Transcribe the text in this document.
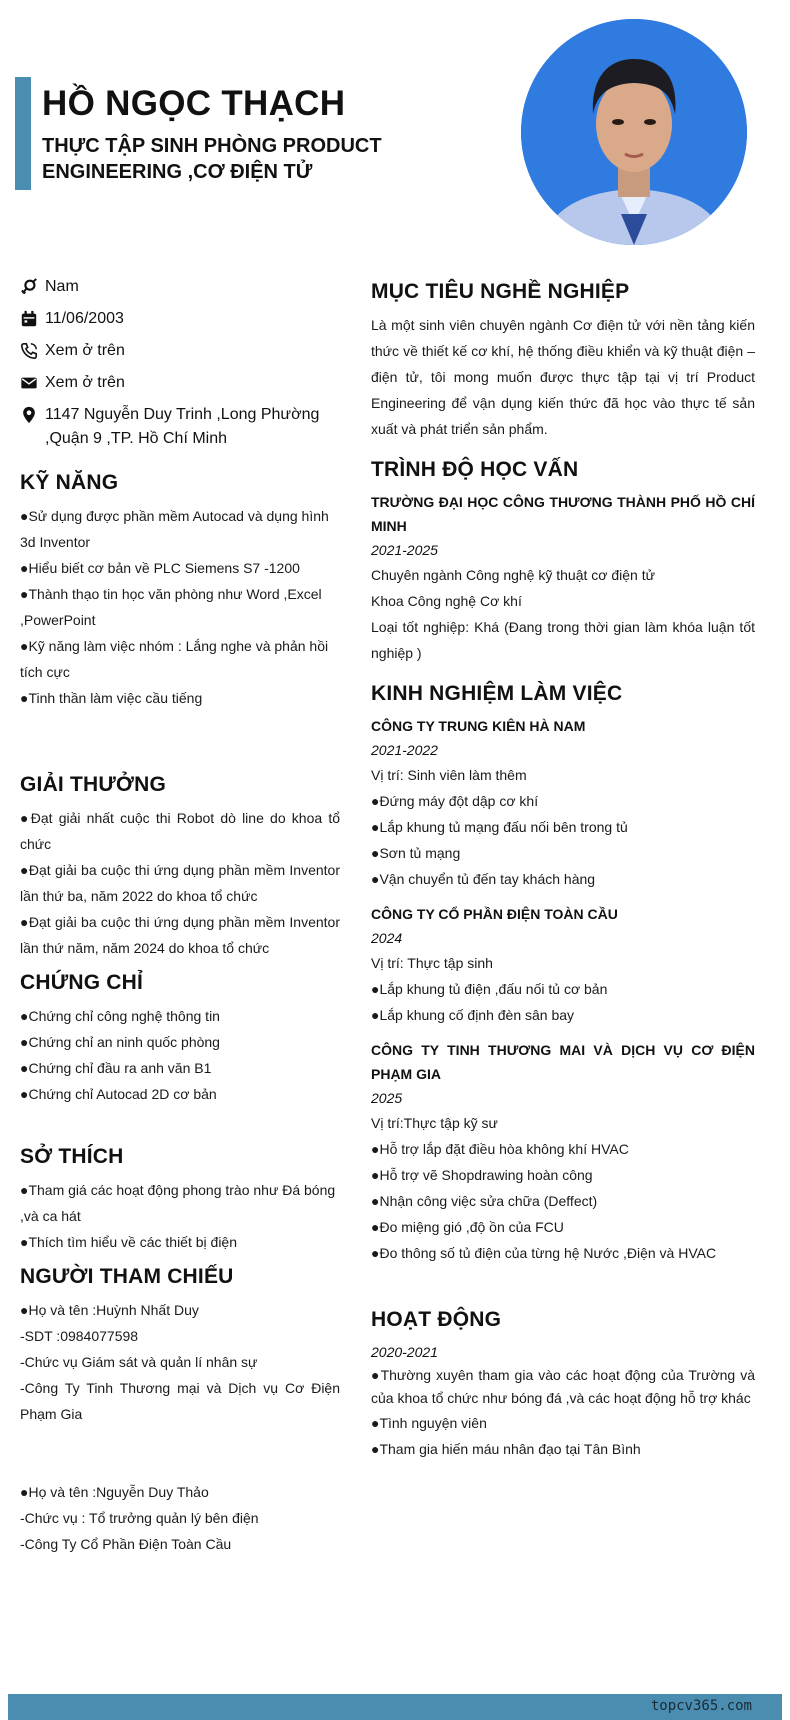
HỒ NGỌC THẠCH
THỰC TẬP SINH PHÒNG PRODUCT ENGINEERING ,CƠ ĐIỆN TỬ
Nam
11/06/2003
Xem ở trên
Xem ở trên
1147 Nguyễn Duy Trinh ,Long Phường ,Quận 9 ,TP. Hồ Chí Minh
KỸ NĂNG
●Sử dụng được phần mềm Autocad và dụng hình 3d Inventor
●Hiểu biết cơ bản về PLC Siemens S7 -1200
●Thành thạo tin học văn phòng như Word ,Excel ,PowerPoint
●Kỹ năng làm việc nhóm : Lắng nghe và phản hồi tích cực
●Tinh thần làm việc cầu tiếng
GIẢI THƯỞNG
●Đạt giải nhất cuộc thi Robot dò line do khoa tổ chức
●Đạt giải ba cuộc thi ứng dụng phần mềm Inventor lần thứ ba, năm 2022 do khoa tổ chức
●Đạt giải ba cuộc thi ứng dụng phần mềm Inventor lần thứ năm, năm 2024 do khoa tổ chức
CHỨNG CHỈ
●Chứng chỉ công nghệ thông tin
●Chứng chỉ an ninh quốc phòng
●Chứng chỉ đầu ra anh văn B1
●Chứng chỉ Autocad 2D cơ bản
SỞ THÍCH
●Tham giá các hoạt động phong trào như Đá bóng ,và ca hát
●Thích tìm hiểu về các thiết bị điện
NGƯỜI THAM CHIẾU
●Họ và tên :Huỳnh Nhất Duy
-SDT :0984077598
-Chức vụ Giám sát và quản lí nhân sự
-Công Ty Tinh Thương mại và Dịch vụ Cơ Điện Phạm Gia
●Họ và tên :Nguyễn Duy Thảo
-Chức vụ : Tổ trưởng quản lý bên điện
-Công Ty Cổ Phần Điện Toàn Cầu
MỤC TIÊU NGHỀ NGHIỆP
Là một sinh viên chuyên ngành Cơ điện tử với nền tảng kiến thức về thiết kế cơ khí, hệ thống điều khiển và kỹ thuật điện – điện tử, tôi mong muốn được thực tập tại vị trí Product Engineering để vận dụng kiến thức đã học vào thực tế sản xuất và phát triển sản phẩm.
TRÌNH ĐỘ HỌC VẤN
TRƯỜNG ĐẠI HỌC CÔNG THƯƠNG THÀNH PHỐ HỒ CHÍ MINH
2021-2025
Chuyên ngành Công nghệ kỹ thuật cơ điện tử
Khoa Công nghệ Cơ khí
Loại tốt nghiệp: Khá (Đang trong thời gian làm khóa luận tốt nghiệp )
KINH NGHIỆM LÀM VIỆC
CÔNG TY TRUNG KIÊN HÀ NAM
2021-2022
Vị trí: Sinh viên làm thêm
●Đứng máy đột dập cơ khí
●Lắp khung tủ mạng đấu nối bên trong tủ
●Sơn tủ mạng
●Vận chuyển tủ đến tay khách hàng
CÔNG TY CỔ PHẦN ĐIỆN TOÀN CẦU
2024
Vị trí: Thực tập sinh
●Lắp khung tủ điện ,đấu nối tủ cơ bản
●Lắp khung cố định đèn sân bay
CÔNG TY TINH THƯƠNG MAI VÀ DỊCH VỤ CƠ ĐIỆN PHẠM GIA
2025
Vị trí:Thực tập kỹ sư
●Hỗ trợ lắp đặt điều hòa không khí HVAC
●Hỗ trợ vẽ Shopdrawing hoàn công
●Nhận công việc sửa chữa (Deffect)
●Đo miệng gió ,độ ồn của FCU
●Đo thông số tủ điện của từng hệ Nước ,Điện và HVAC
HOẠT ĐỘNG
2020-2021
●Thường xuyên tham gia vào các hoạt động của Trường và của khoa tổ chức như bóng đá ,và các hoạt động hỗ trợ khác
●Tình nguyện viên
●Tham gia hiến máu nhân đạo tại Tân Bình
topcv365.com
